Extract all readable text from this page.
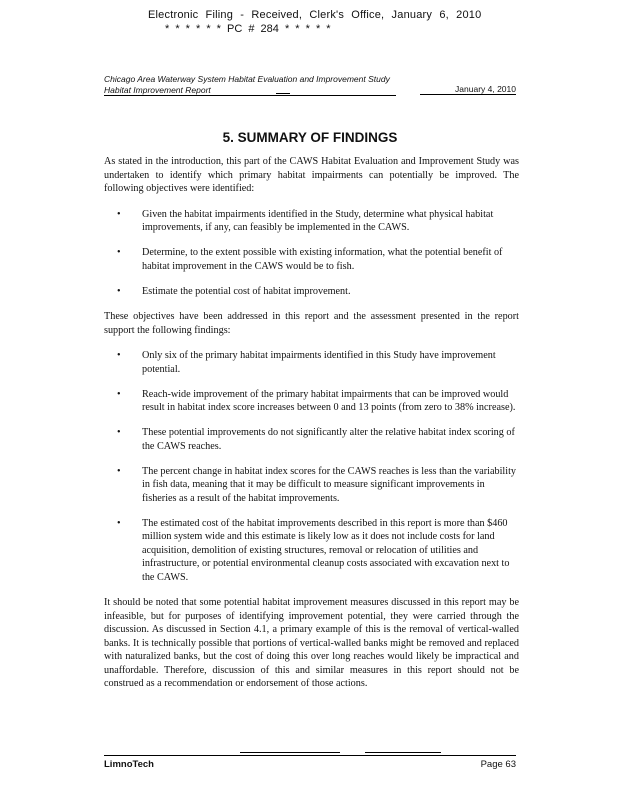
Electronic Filing - Received, Clerk's Office, January 6, 2010
* * * * * * PC # 284 * * * * *
Chicago Area Waterway System Habitat Evaluation and Improvement Study
Habitat Improvement Report	January 4, 2010
5. SUMMARY OF FINDINGS

As stated in the introduction, this part of the CAWS Habitat Evaluation and Improvement Study was undertaken to identify which primary habitat impairments can potentially be improved. The following objectives were identified:

• Given the habitat impairments identified in the Study, determine what physical habitat improvements, if any, can feasibly be implemented in the CAWS.
• Determine, to the extent possible with existing information, what the potential benefit of habitat improvement in the CAWS would be to fish.
• Estimate the potential cost of habitat improvement.

These objectives have been addressed in this report and the assessment presented in the report support the following findings:

• Only six of the primary habitat impairments identified in this Study have improvement potential.
• Reach-wide improvement of the primary habitat impairments that can be improved would result in habitat index score increases between 0 and 13 points (from zero to 38% increase).
• These potential improvements do not significantly alter the relative habitat index scoring of the CAWS reaches.
• The percent change in habitat index scores for the CAWS reaches is less than the variability in fish data, meaning that it may be difficult to measure significant improvements in fisheries as a result of the habitat improvements.
• The estimated cost of the habitat improvements described in this report is more than $460 million system wide and this estimate is likely low as it does not include costs for land acquisition, demolition of existing structures, removal or relocation of utilities and infrastructure, or potential environmental cleanup costs associated with excavation next to the CAWS.

It should be noted that some potential habitat improvement measures discussed in this report may be infeasible, but for purposes of identifying improvement potential, they were carried through the discussion. As discussed in Section 4.1, a primary example of this is the removal of vertical-walled banks. It is technically possible that portions of vertical-walled banks might be removed and replaced with naturalized banks, but the cost of doing this over long reaches would likely be impractical and unaffordable. Therefore, discussion of this and similar measures in this report should not be construed as a recommendation or endorsement of those actions.

LimnoTech	Page 63
